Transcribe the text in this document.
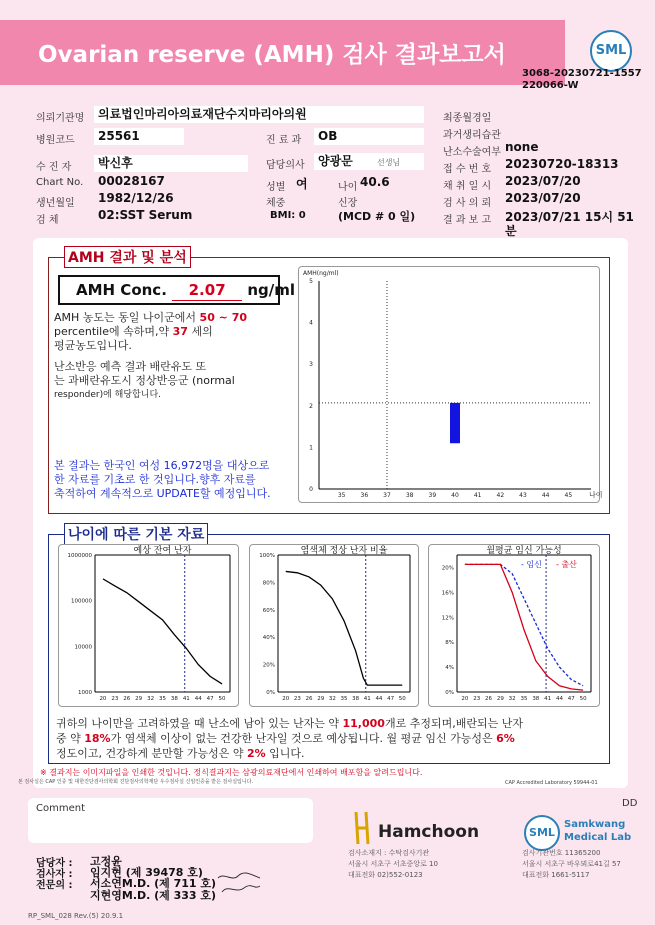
Ovarian reserve (AMH) 검사 결과보고서	SML
3068-20230721-1557
220066-W
의뢰기관명	의료법인마리아의료재단수지마리아의원
병원코드	25561	진 료 과	OB
수 진 자	박신후	담당의사	양광문	선생님
Chart No. 00028167	성별 여	나이 40.6
생년월일 1982/12/26	체중	신장
검 체	02:SST Serum	BMI: 0	(MCD # 0 일)
최종월경일
과거생리습관
난소수술여부 none
접 수 번 호 20230720-18313
채 취 일 시 2023/07/20
검 사 의 뢰 2023/07/20
결 과 보 고 2023/07/21 15시 51
분
AMH 결과 및 분석
AMH Conc. 2.07 ng/ml
AMH 농도는 동일 나이군에서 50 ~ 70
percentile에 속하며,약 37 세의
평균농도입니다.
난소반응 예측 결과 배란유도 또
는 과배란유도시 정상반응군 (normal
responder)에 해당합니다.
본 결과는 한국인 여성 16,972명을 대상으로
한 자료를 기초로 한 것입니다.향후 자료를
축적하여 계속적으로 UPDATE할 예정입니다.
AMH(ng/ml)
0
1
2
3
4
5
35	36	37	38	39	40	41	42	43	44	45 나이
나이에 따른 기본 자료
1000000
100000
10000
1000
20 23 26 29 32 35 38 41 44 47 50
예상 잔여 난자	100%
80%
60%
40%
20%
0%
20 23 26 29 32 35 38 41 44 47 50
염색체 정상 난자 비율
20%
16%
12%
8%
4%
0%
20 23 26 29 32 35 38 41 44 47 50
월평균 임신 가능성
- 임신 - 출산
귀하의 나이만을 고려하였을 때 난소에 남아 있는 난자는 약 11,000개로 추정되며,배란되는 난자
중 약 18%가 염색체 이상이 없는 건강한 난자일 것으로 예상됩니다. 월 평균 임신 가능성은 6%
정도이고, 건강하게 분만할 가능성은 약 2% 입니다.
※ 결과지는 이미지파일을 인쇄한 것입니다. 정식결과지는 삼광의료재단에서 인쇄하여 배포함을 알려드립니다.
본 검사실은 CAP 인증 및 대한진단검사의학회 진단검사의학재단 우수검사실 신임인증을 받은 검사실입니다.	CAP Accredited Laboratory 59944-01
Comment	DD
담당자 : 고정윤
검사자 : 임지현 (제 39478 호)
전문의 : 서소연M.D. (제 711 호)
지현영M.D. (제 333 호)
Hamchoon
검사소재지 : 수탁검사기관
서울시 서초구 서초중앙로 10
대표전화 02)552-0123
SML
Samkwang
Medical Lab
검사기관번호 11365200
서울시 서초구 바우뫼로41길 57
대표전화 1661-5117
RP_SML_028 Rev.(5) 20.9.1
